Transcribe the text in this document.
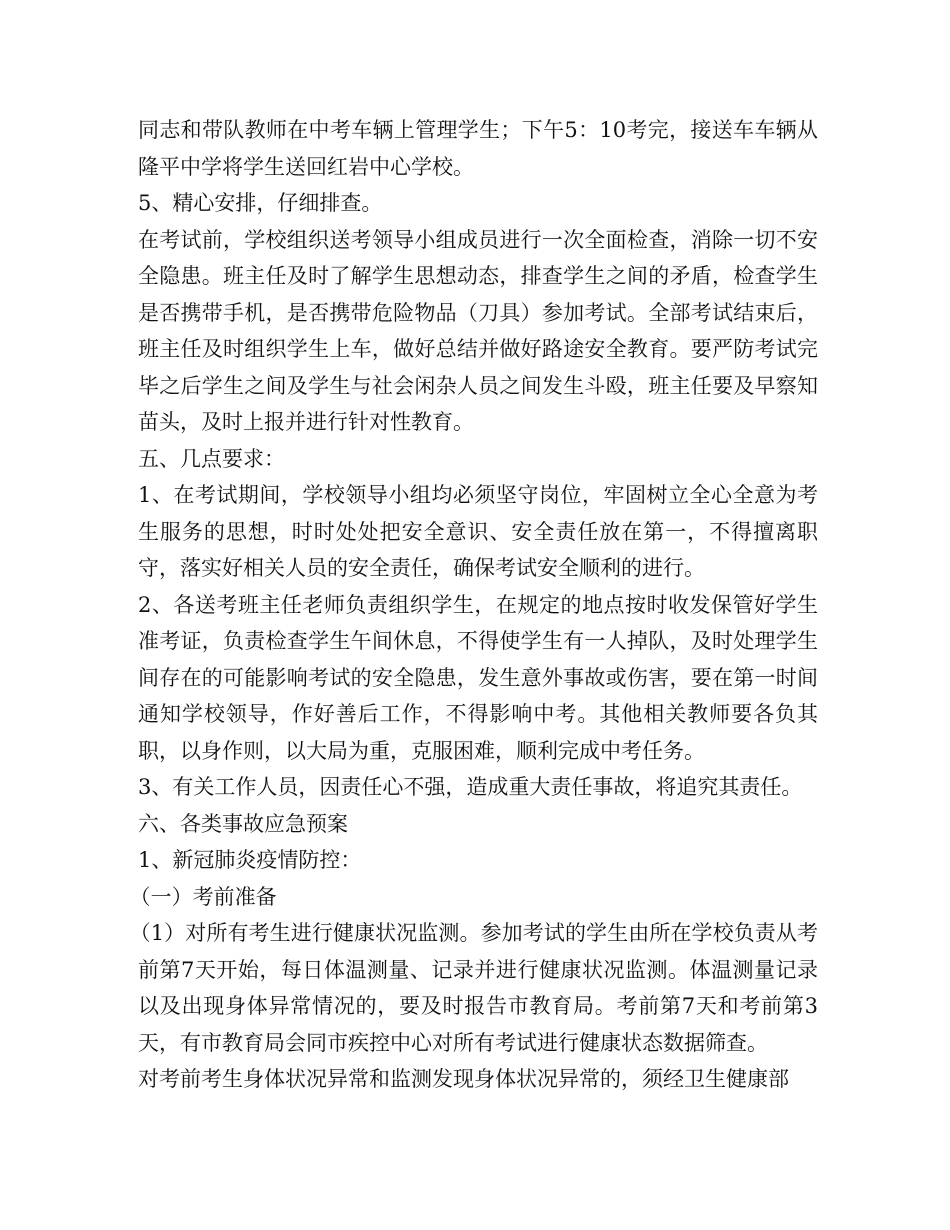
同志和带队教师在中考车辆上管理学生；下午5：10考完，接送车车辆从隆平中学将学生送回红岩中心学校。

5、精心安排，仔细排查。

在考试前，学校组织送考领导小组成员进行一次全面检查，消除一切不安全隐患。班主任及时了解学生思想动态，排查学生之间的矛盾，检查学生是否携带手机，是否携带危险物品（刀具）参加考试。全部考试结束后，班主任及时组织学生上车，做好总结并做好路途安全教育。要严防考试完毕之后学生之间及学生与社会闲杂人员之间发生斗殴，班主任要及早察知苗头，及时上报并进行针对性教育。

五、几点要求：

1、在考试期间，学校领导小组均必须坚守岗位，牢固树立全心全意为考生服务的思想，时时处处把安全意识、安全责任放在第一，不得擅离职守，落实好相关人员的安全责任，确保考试安全顺利的进行。

2、各送考班主任老师负责组织学生，在规定的地点按时收发保管好学生准考证，负责检查学生午间休息，不得使学生有一人掉队，及时处理学生间存在的可能影响考试的安全隐患，发生意外事故或伤害，要在第一时间通知学校领导，作好善后工作，不得影响中考。其他相关教师要各负其职，以身作则，以大局为重，克服困难，顺利完成中考任务。

3、有关工作人员，因责任心不强，造成重大责任事故，将追究其责任。

六、各类事故应急预案

1、新冠肺炎疫情防控：

（一）考前准备

（1）对所有考生进行健康状况监测。参加考试的学生由所在学校负责从考前第7天开始，每日体温测量、记录并进行健康状况监测。体温测量记录以及出现身体异常情况的，要及时报告市教育局。考前第7天和考前第3天，有市教育局会同市疾控中心对所有考试进行健康状态数据筛查。

对考前考生身体状况异常和监测发现身体状况异常的，须经卫生健康部
